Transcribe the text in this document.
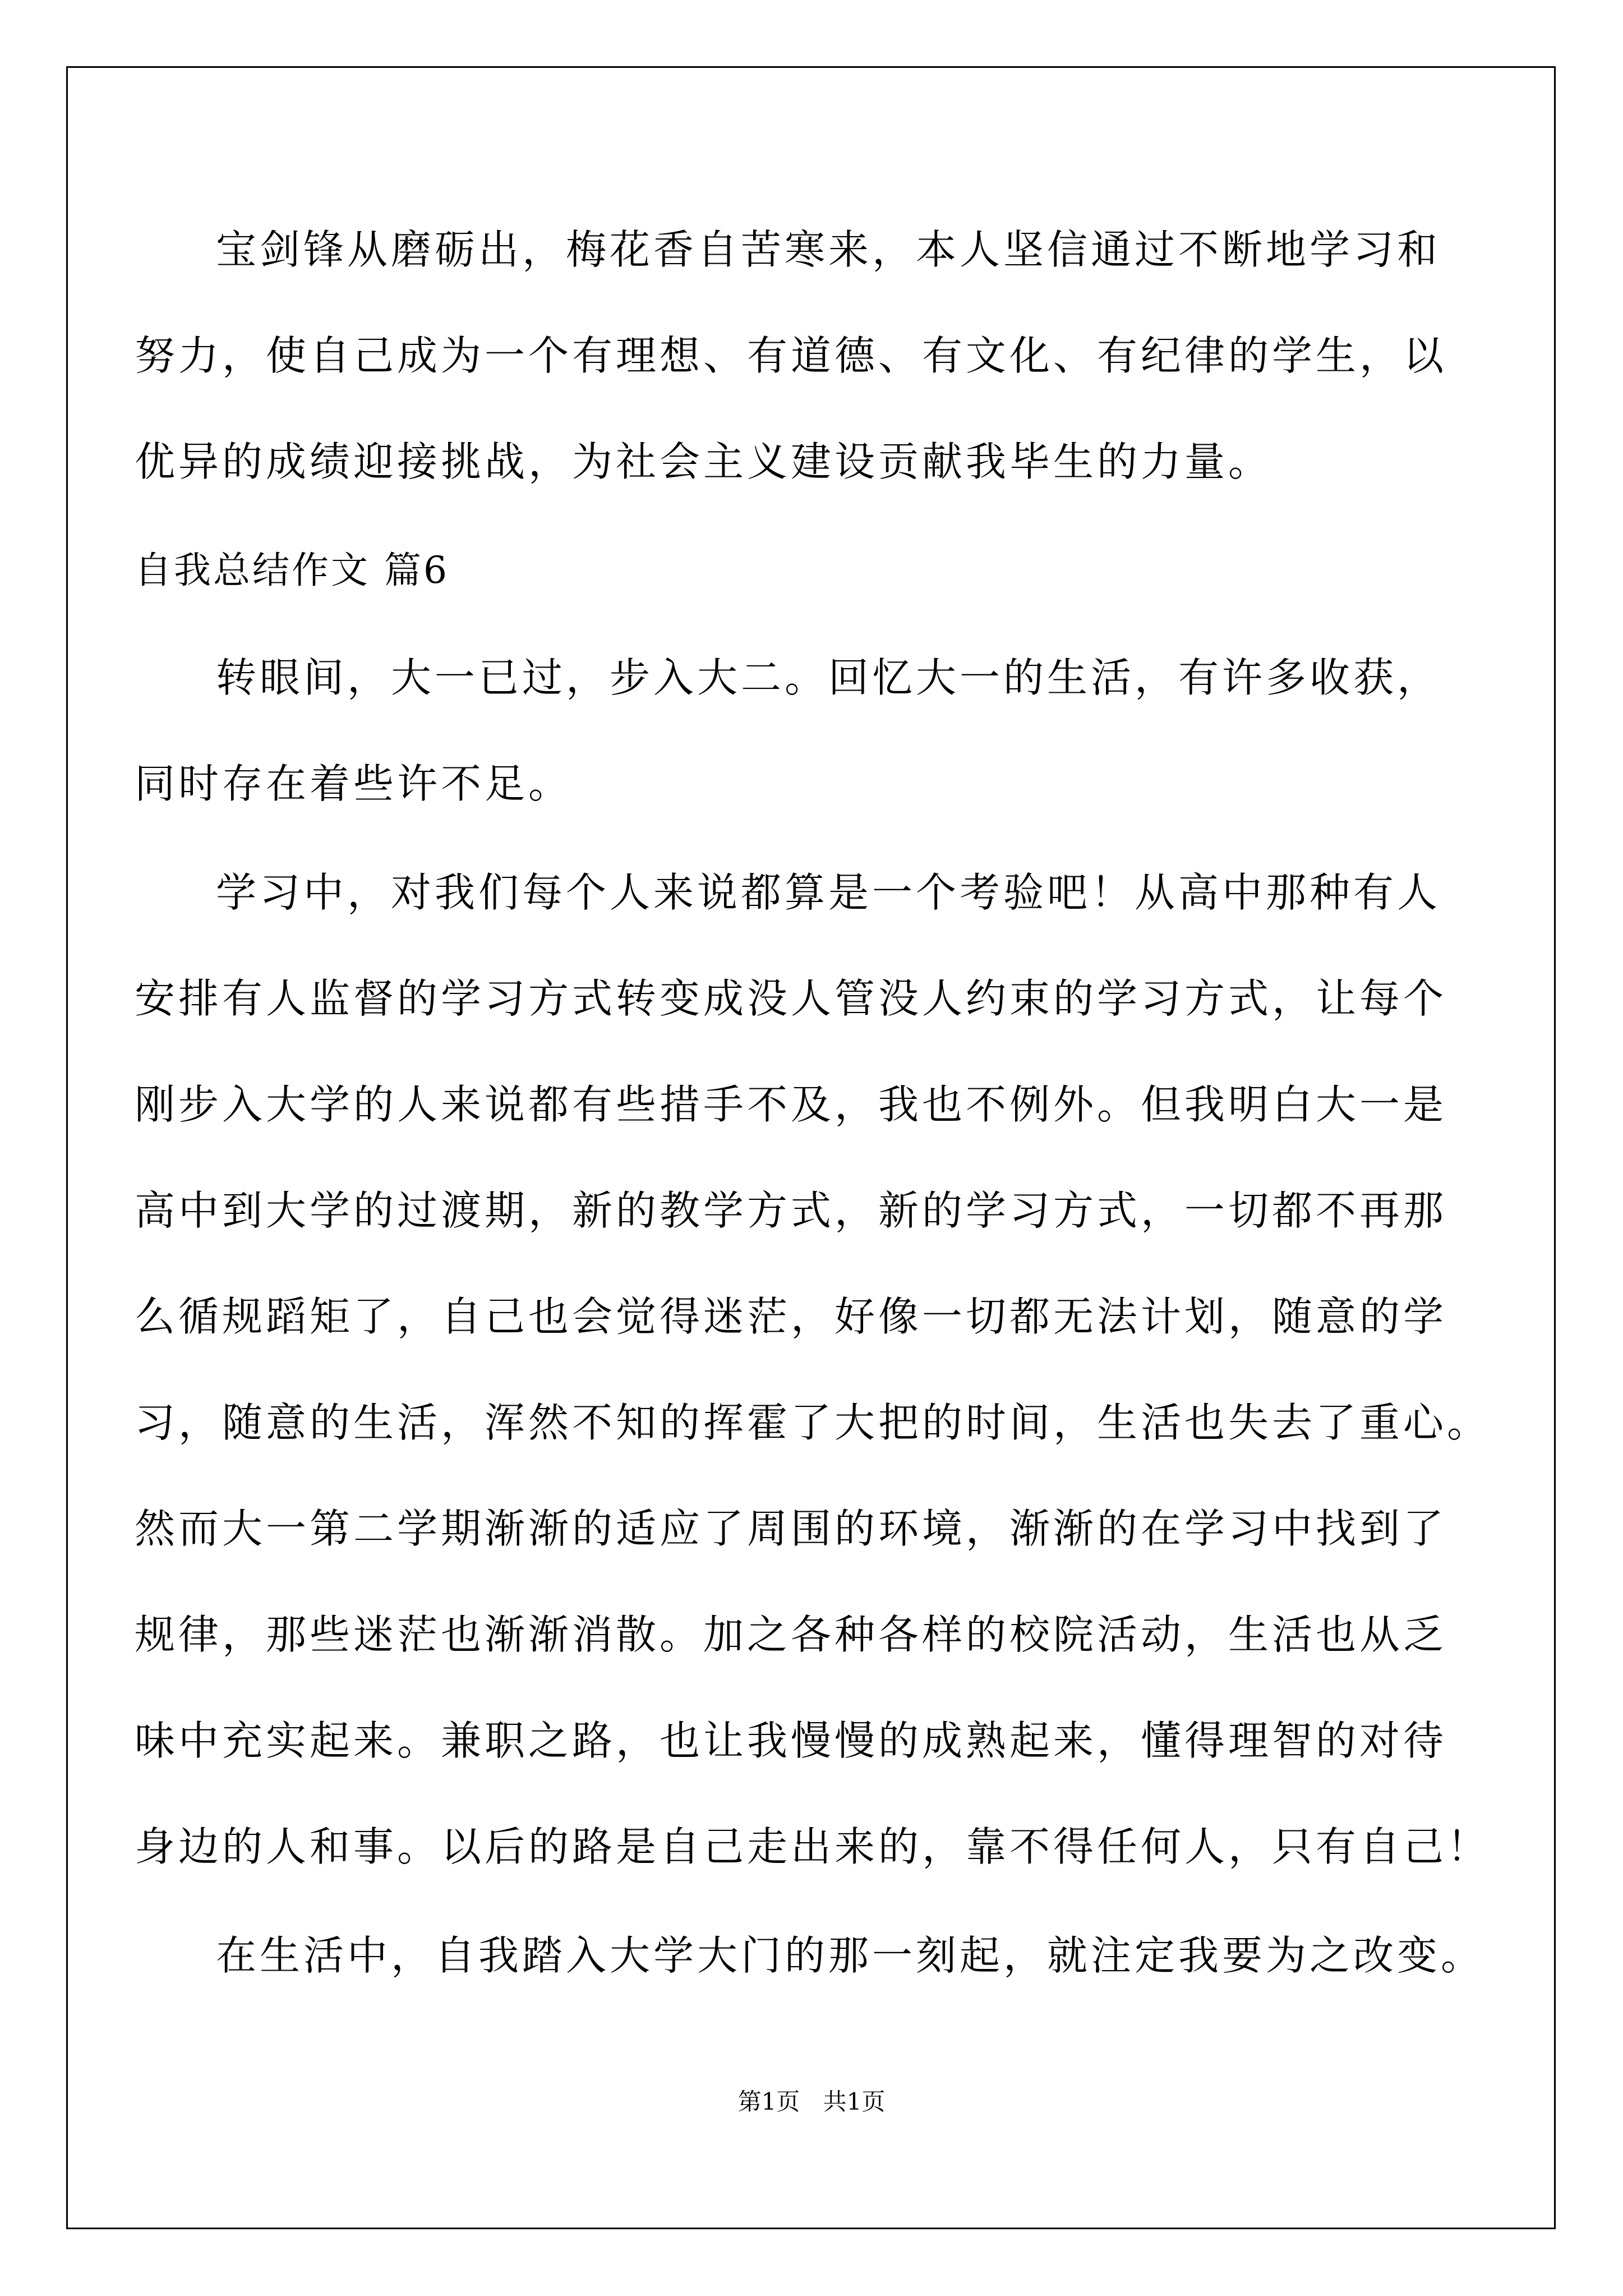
宝剑锋从磨砺出，梅花香自苦寒来，本人坚信通过不断地学习和
努力，使自己成为一个有理想、有道德、有文化、有纪律的学生，以
优异的成绩迎接挑战，为社会主义建设贡献我毕生的力量。
自我总结作文 篇6
转眼间，大一已过，步入大二。回忆大一的生活，有许多收获，
同时存在着些许不足。
学习中，对我们每个人来说都算是一个考验吧！从高中那种有人
安排有人监督的学习方式转变成没人管没人约束的学习方式，让每个
刚步入大学的人来说都有些措手不及，我也不例外。但我明白大一是
高中到大学的过渡期，新的教学方式，新的学习方式，一切都不再那
么循规蹈矩了，自己也会觉得迷茫，好像一切都无法计划，随意的学
习，随意的生活，浑然不知的挥霍了大把的时间，生活也失去了重心。
然而大一第二学期渐渐的适应了周围的环境，渐渐的在学习中找到了
规律，那些迷茫也渐渐消散。加之各种各样的校院活动，生活也从乏
味中充实起来。兼职之路，也让我慢慢的成熟起来，懂得理智的对待
身边的人和事。以后的路是自己走出来的，靠不得任何人，只有自己！
在生活中，自我踏入大学大门的那一刻起，就注定我要为之改变。
第1页 共1页
